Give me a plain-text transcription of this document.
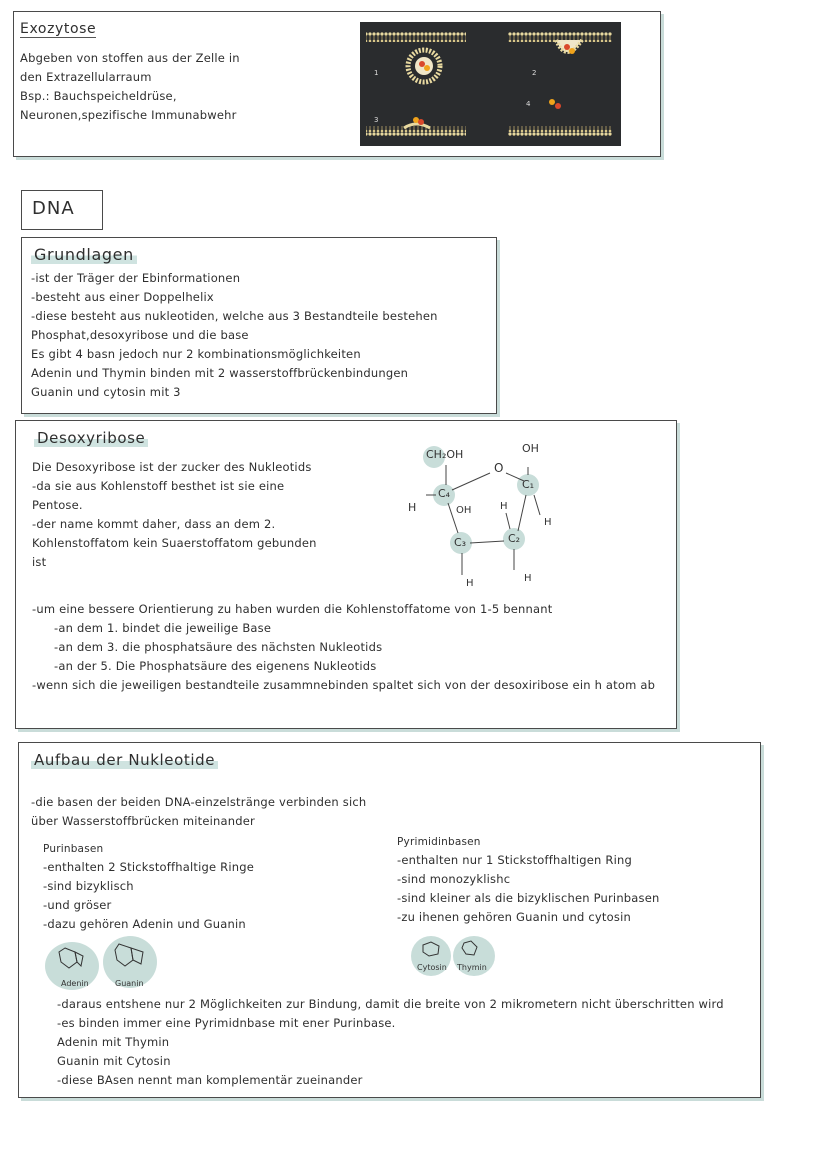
Exozytose
Abgeben von stoffen aus der Zelle in
den Extrazellularraum
Bsp.: Bauchspeicheldrüse,
Neuronen,spezifische Immunabwehr
1	2
3
4
DNA
Grundlagen
-ist der Träger der Ebinformationen
-besteht aus einer Doppelhelix
-diese besteht aus nukleotiden, welche aus 3 Bestandteile bestehen
Phosphat,desoxyribose und die base
Es gibt 4 basn jedoch nur 2 kombinationsmöglichkeiten
Adenin und Thymin binden mit 2 wasserstoffbrückenbindungen
Guanin und cytosin mit 3
Desoxyribose
Die Desoxyribose ist der zucker des Nukleotids
-da sie aus Kohlenstoff besthet ist sie eine
Pentose.
-der name kommt daher, dass an dem 2.
Kohlenstoffatom kein Suaerstoffatom gebunden
ist
CH₂OH
O
OH
C₄
C₁
H	OH	H
H
C₃	C₂
H	H
-um eine bessere Orientierung zu haben wurden die Kohlenstoffatome von 1-5 bennant
-an dem 1. bindet die jeweilige Base
-an dem 3. die phosphatsäure des nächsten Nukleotids
-an der 5. Die Phosphatsäure des eigenens Nukleotids
-wenn sich die jeweiligen bestandteile zusammnebinden spaltet sich von der desoxiribose ein h atom ab
Aufbau der Nukleotide
-die basen der beiden DNA-einzelstränge verbinden sich
über Wasserstoffbrücken miteinander
Purinbasen
-enthalten 2 Stickstoffhaltige Ringe
-sind bizyklisch
-und gröser
-dazu gehören Adenin und Guanin
Pyrimidinbasen
-enthalten nur 1 Stickstoffhaltigen Ring
-sind monozyklishc
-sind kleiner als die bizyklischen Purinbasen
-zu ihenen gehören Guanin und cytosin
Adenin	Guanin
Cytosin Thymin
-daraus entshene nur 2 Möglichkeiten zur Bindung, damit die breite von 2 mikrometern nicht überschritten wird
-es binden immer eine Pyrimidnbase mit ener Purinbase.
Adenin mit Thymin
Guanin mit Cytosin
-diese BAsen nennt man komplementär zueinander
